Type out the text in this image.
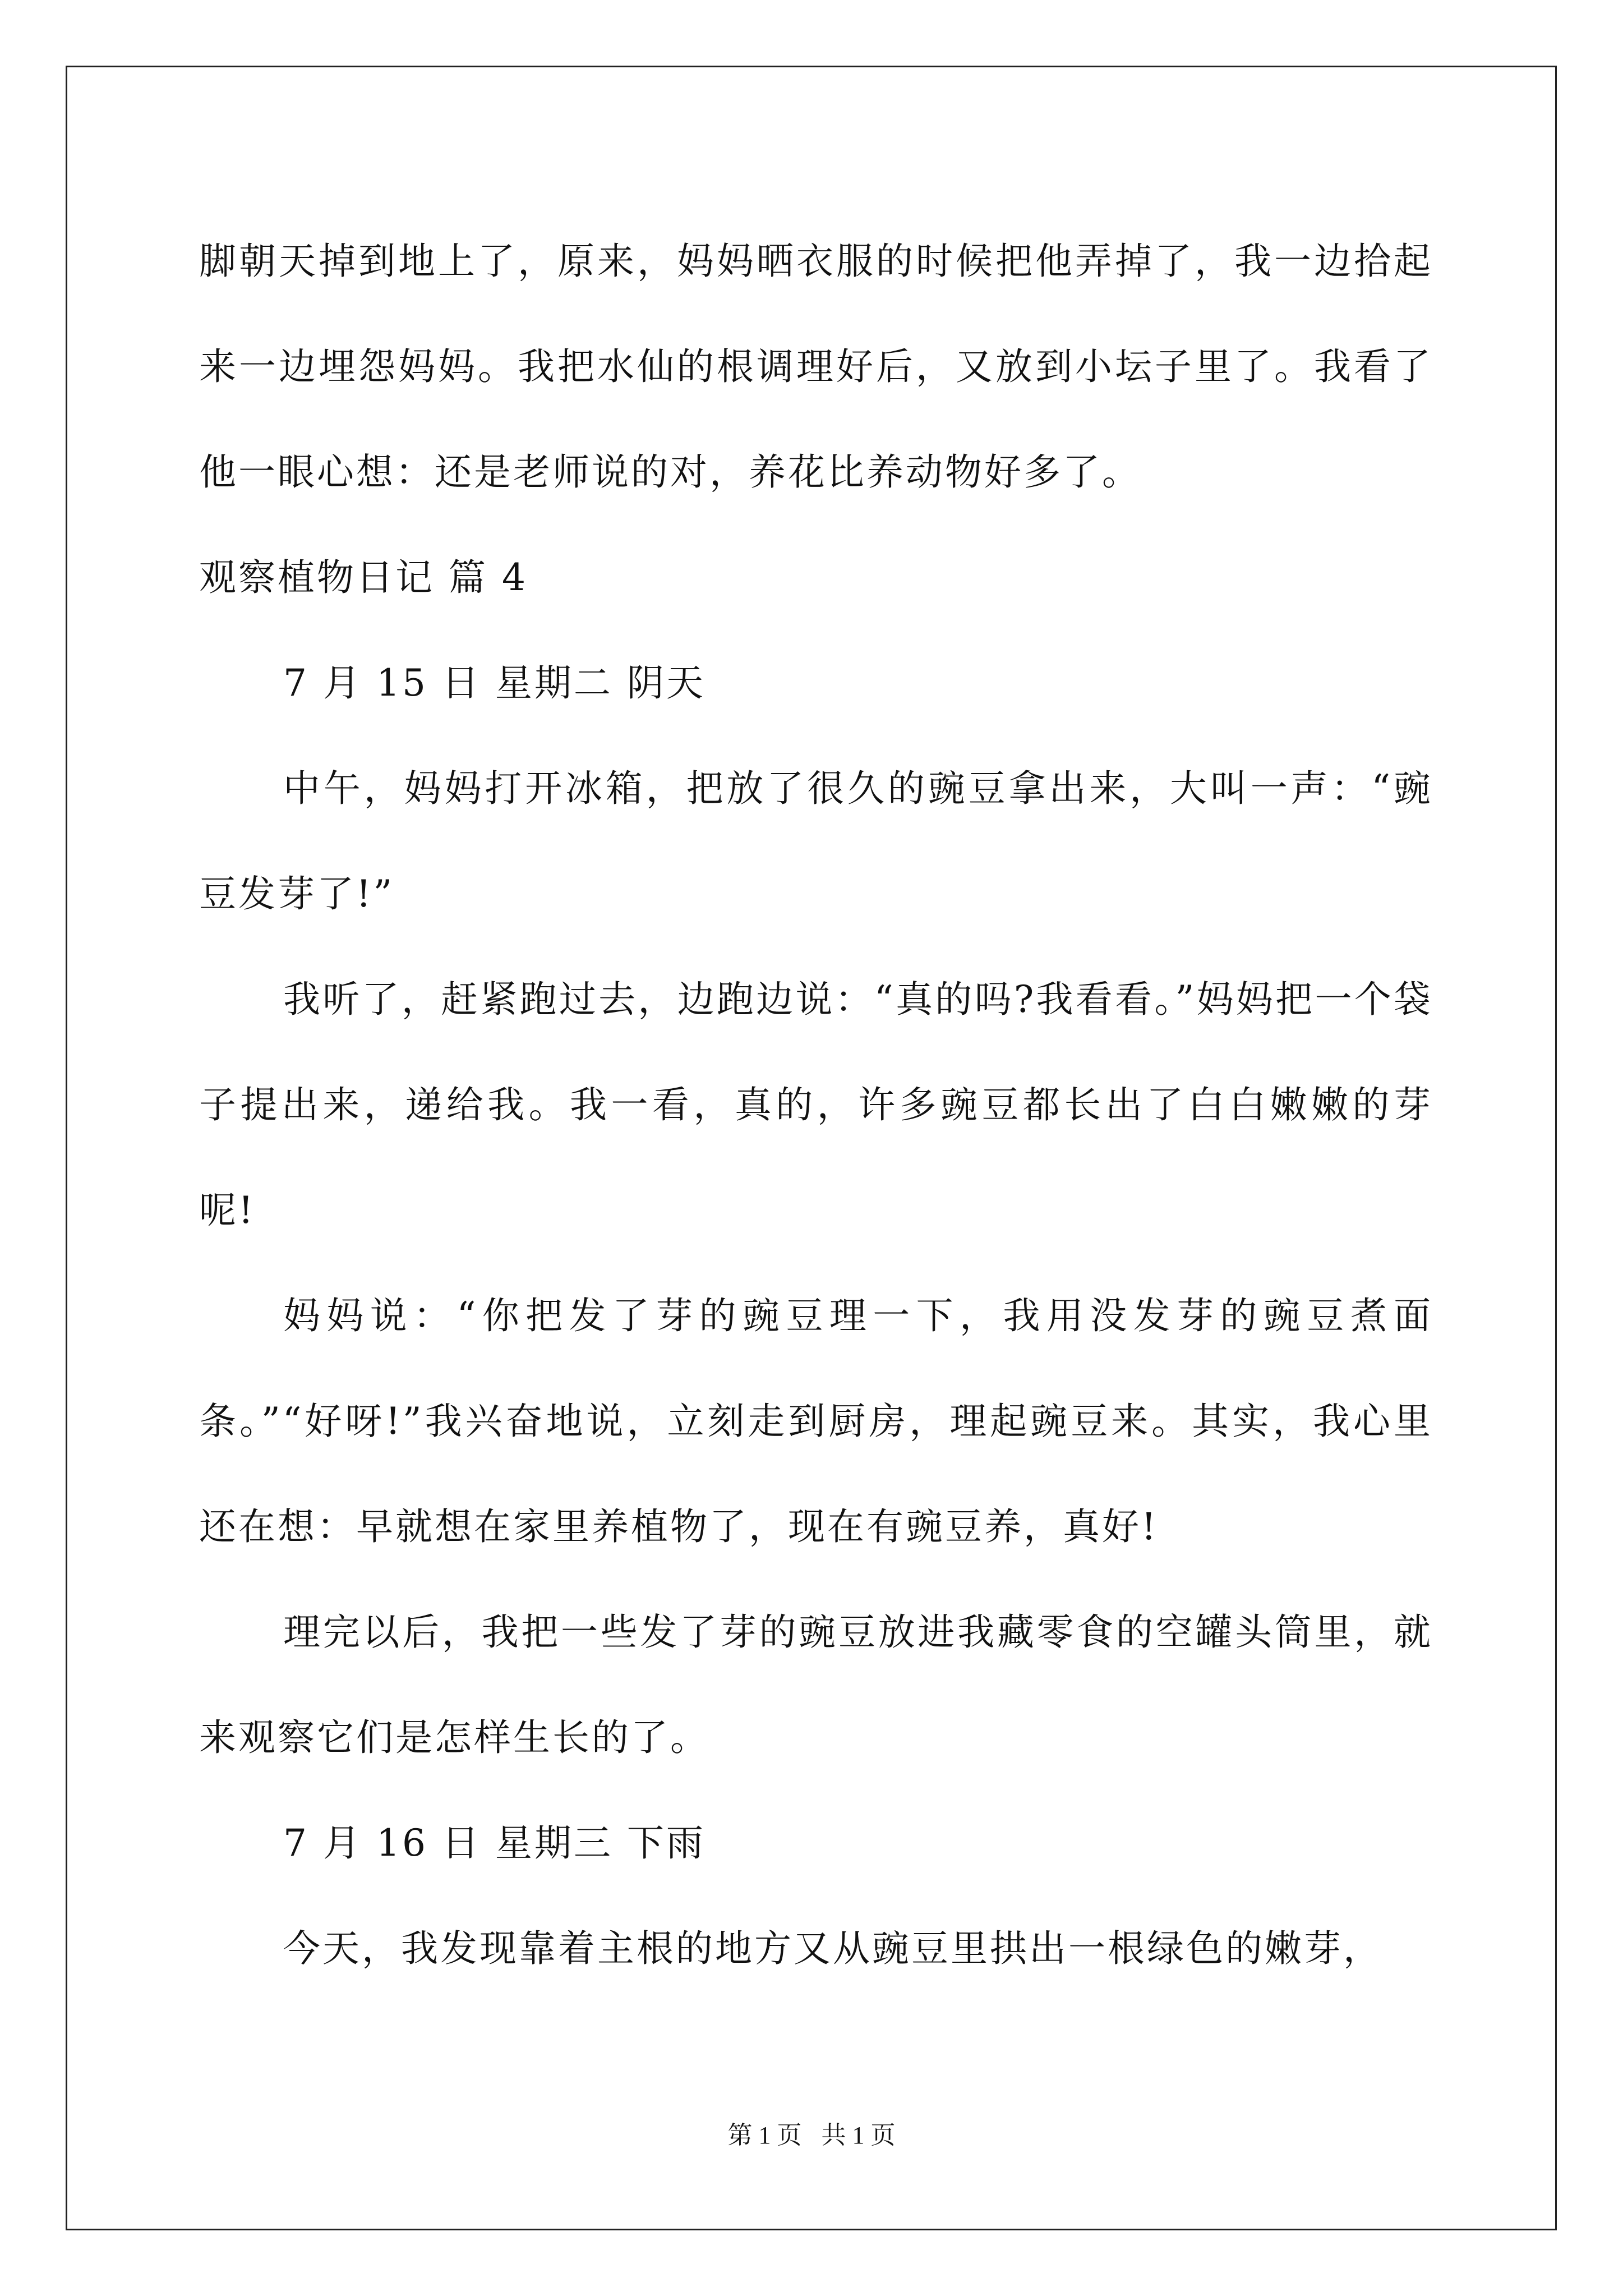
脚朝天掉到地上了，原来，妈妈晒衣服的时候把他弄掉了，我一边拾起来一边埋怨妈妈。我把水仙的根调理好后，又放到小坛子里了。我看了他一眼心想：还是老师说的对，养花比养动物好多了。

观察植物日记 篇 4

7 月 15 日 星期二 阴天

中午，妈妈打开冰箱，把放了很久的豌豆拿出来，大叫一声：“豌豆发芽了!”

我听了，赶紧跑过去，边跑边说：“真的吗?我看看。”妈妈把一个袋子提出来，递给我。我一看，真的，许多豌豆都长出了白白嫩嫩的芽呢!

妈妈说：“你把发了芽的豌豆理一下，我用没发芽的豌豆煮面条。”“好呀!”我兴奋地说，立刻走到厨房，理起豌豆来。其实，我心里还在想：早就想在家里养植物了，现在有豌豆养，真好!

理完以后，我把一些发了芽的豌豆放进我藏零食的空罐头筒里，就来观察它们是怎样生长的了。

7 月 16 日 星期三 下雨

今天，我发现靠着主根的地方又从豌豆里拱出一根绿色的嫩芽，

第 1 页 共 1 页
